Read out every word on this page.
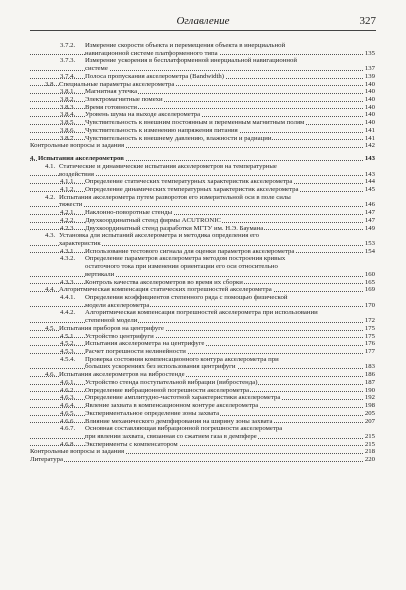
Оглавление	327
3.7.2. Измерение скорости объекта и перемещения объекта в инерциальной
навигационной системе платформенного типа	135
3.7.3. Измерение ускорения в бесплатформенной инерциальной навигационной
системе	137
3.7.4. Полоса пропускания акселерометра (Bandwidth)	139
3.8. Специальные параметры акселерометра	140
3.8.1. Магнитная утечка	140
3.8.2. Электромагнитные помехи	140
3.8.3. Время готовности	140
3.8.4. Уровень шума на выходе акселерометра	140
3.8.5. Чувствительность к внешним постоянным и переменным магнитным полям	140
3.8.6. Чувствительность к изменению напряжения питания	141
3.8.7. Чувствительность к внешнему давлению, влажности и радиации	141
Контрольные вопросы и задания	142
4. Испытания акселерометров	143
4.1. Статические и динамические испытания акселерометров на температурные
воздействия	143
4.1.1. Определение статических температурных характеристик акселерометра	144
4.1.2. Определение динамических температурных характеристик акселерометра	145
4.2. Испытания акселерометра путем разворотов его измерительной оси в поле силы
тяжести	146
4.2.1. Наклонно-поворотные стенды	147
4.2.2. Двухкоординатный стенд фирмы ACUTRONIC	147
4.2.3. Двухкоординатный стенд разработки МГТУ им. Н.Э. Баумана	149
4.3. Установка для испытаний акселерометра и методика определения его
характеристик	153
4.3.1. Использование тестового сигнала для оценки параметров акселерометра	154
4.3.2. Определение параметров акселерометра методом построения кривых
остаточного тока при изменении ориентации его оси относительно
вертикали	160
4.3.3. Контроль качества акселерометров во время их сборки	165
4.4. Алгоритмическая компенсация статических погрешностей акселерометра	169
4.4.1. Определения коэффициентов степенного ряда с помощью физической
модели акселерометра	170
4.4.2. Алгоритмическая компенсация погрешностей акселерометра при использовании
степенной модели	172
4.5. Испытания приборов на центрифуге	175
4.5.1. Устройство центрифуги	175
4.5.2. Испытания акселерометра на центрифуге	176
4.5.3. Расчет погрешности нелинейности	177
4.5.4. Проверка состояния компенсационного контура акселерометра при
больших ускорениях без использования центрифуги	183
4.6. Испытания акселерометров на вибростенде	186
4.6.1. Устройство стенда поступательной вибрации (вибростенда)	187
4.6.2. Определение вибрационной погрешности акселерометра	190
4.6.3. Определение амплитудно-частотной характеристики акселерометра	192
4.6.4. Явление захвата в компенсационном контуре акселерометра	198
4.6.5. Экспериментальное определение зоны захвата	205
4.6.6. Влияние механического демпфирования на ширину зоны захвата	207
4.6.7. Основная составляющая вибрационной погрешности акселерометра
при явлении захвата, связанная со сжатием газа в демпфере	215
4.6.8. Эксперименты с компенсатором	215
Контрольные вопросы и задания	218
Литература	220
